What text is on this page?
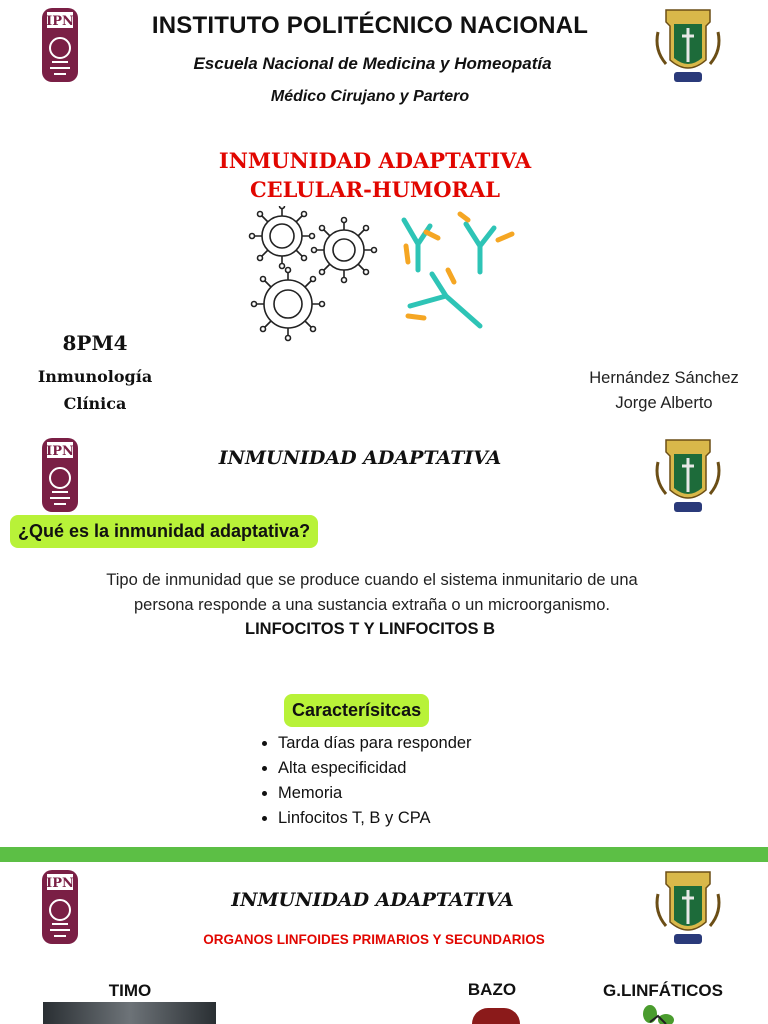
INSTITUTO POLITÉCNICO NACIONAL
Escuela Nacional de Medicina y Homeopatía
Médico Cirujano y Partero
INMUNIDAD ADAPTATIVA
CELULAR-HUMORAL
8PM4
Inmunología
Clínica
Hernández Sánchez
Jorge Alberto
INMUNIDAD ADAPTATIVA
¿Qué es la inmunidad adaptativa?
Tipo de inmunidad que se produce cuando el sistema inmunitario de una
persona responde a una sustancia extraña o un microorganismo.
LINFOCITOS T Y LINFOCITOS B
Caracterísitcas
• Tarda días para responder
• Alta especificidad
• Memoria
• Linfocitos T, B y CPA
INMUNIDAD ADAPTATIVA
ORGANOS LINFOIDES PRIMARIOS Y SECUNDARIOS
TIMO	BAZO	G.LINFÁTICOS
